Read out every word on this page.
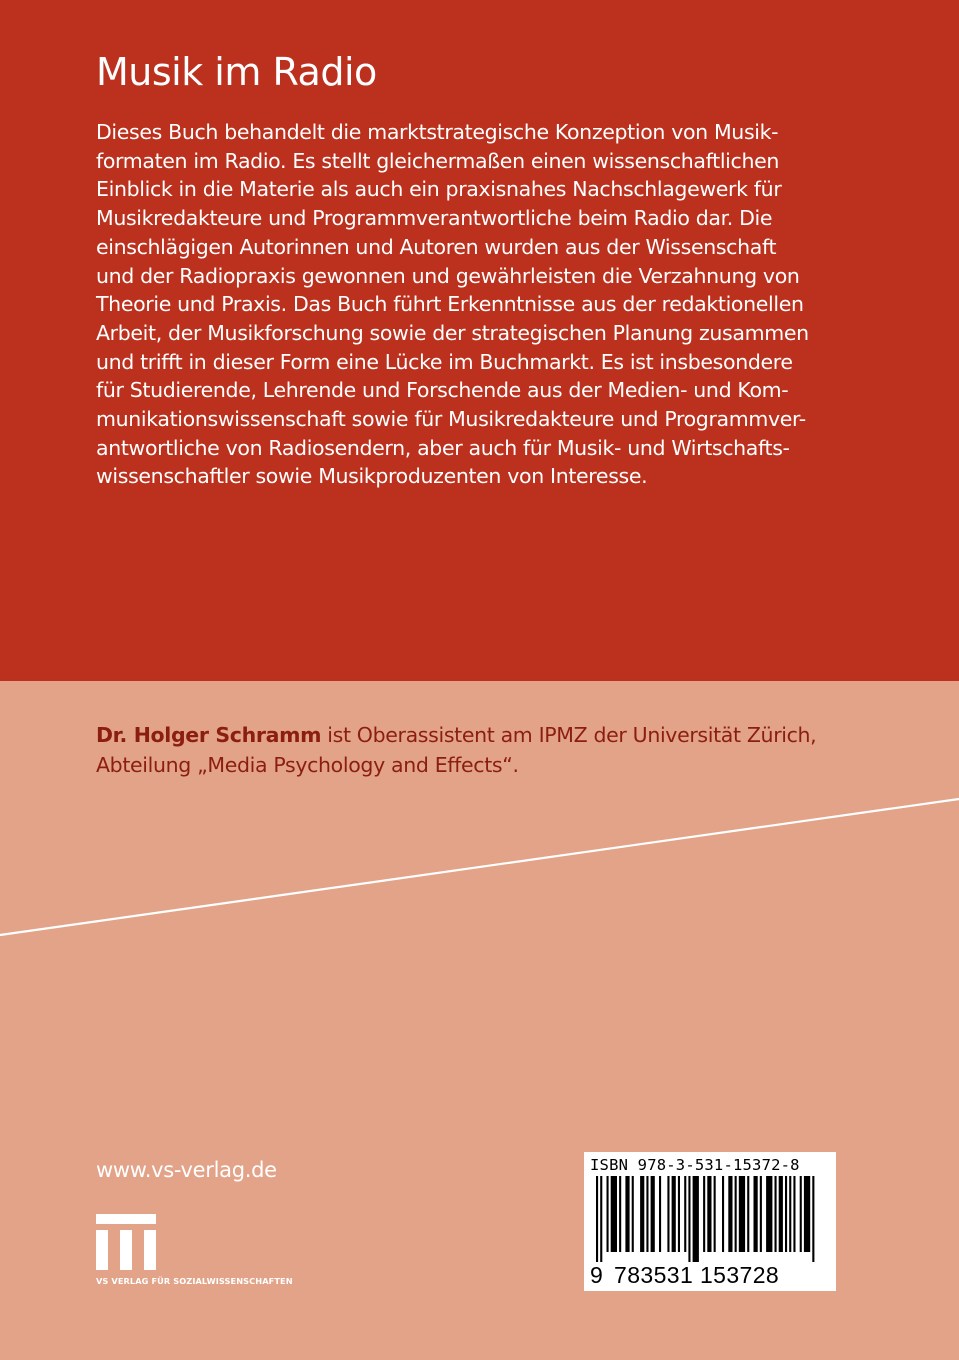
Musik im Radio
Dieses Buch behandelt die marktstrategische Konzeption von Musik-
formaten im Radio. Es stellt gleichermaßen einen wissenschaftlichen
Einblick in die Materie als auch ein praxisnahes Nachschlagewerk für
Musikredakteure und Programmverantwortliche beim Radio dar. Die
einschlägigen Autorinnen und Autoren wurden aus der Wissenschaft
und der Radiopraxis gewonnen und gewährleisten die Verzahnung von
Theorie und Praxis. Das Buch führt Erkenntnisse aus der redaktionellen
Arbeit, der Musikforschung sowie der strategischen Planung zusammen
und trifft in dieser Form eine Lücke im Buchmarkt. Es ist insbesondere
für Studierende, Lehrende und Forschende aus der Medien- und Kom-
munikationswissenschaft sowie für Musikredakteure und Programmver-
antwortliche von Radiosendern, aber auch für Musik- und Wirtschafts-
wissenschaftler sowie Musikproduzenten von Interesse.
Dr. Holger Schramm ist Oberassistent am IPMZ der Universität Zürich,
Abteilung „Media Psychology and Effects“.
www.vs-verlag.de
VS VERLAG FÜR SOZIALWISSENSCHAFTEN
ISBN 978-3-531-15372-8
9 783531 153728
